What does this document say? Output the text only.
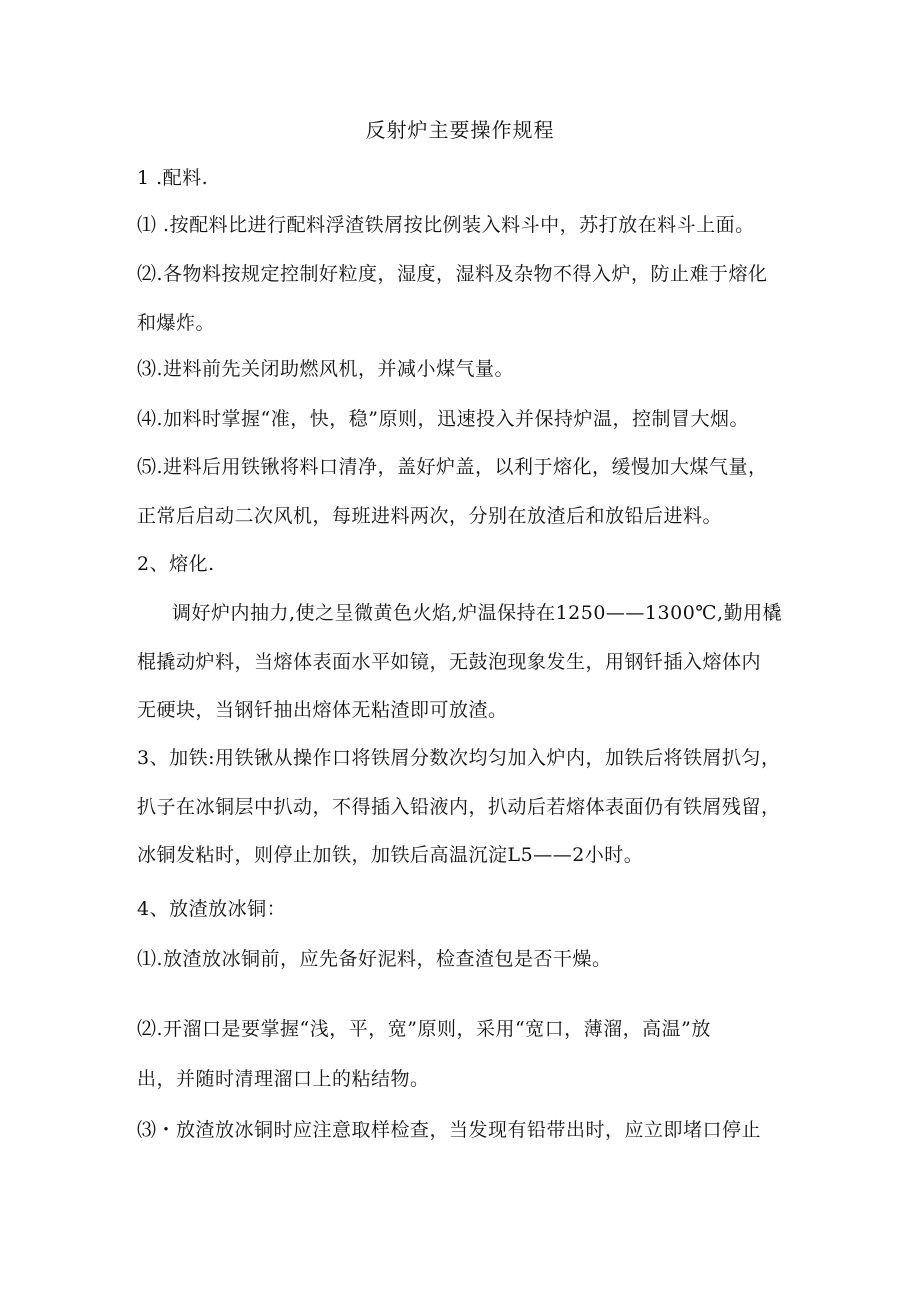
反射炉主要操作规程
1 .配料.
⑴ .按配料比进行配料浮渣铁屑按比例装入料斗中，苏打放在料斗上面。
⑵.各物料按规定控制好粒度，湿度，湿料及杂物不得入炉，防止难于熔化
和爆炸。
⑶.进料前先关闭助燃风机，并减小煤气量。
⑷.加料时掌握“准，快，稳”原则，迅速投入并保持炉温，控制冒大烟。
⑸.进料后用铁锹将料口清净，盖好炉盖，以利于熔化，缓慢加大煤气量，
正常后启动二次风机，每班进料两次，分别在放渣后和放铅后进料。
2、熔化.
调好炉内抽力,使之呈微黄色火焰,炉温保持在1250——1300℃,勤用橇
棍撬动炉料，当熔体表面水平如镜，无鼓泡现象发生，用钢钎插入熔体内
无硬块，当钢钎抽出熔体无粘渣即可放渣。
3、加铁:用铁锹从操作口将铁屑分数次均匀加入炉内，加铁后将铁屑扒匀，
扒子在冰铜层中扒动，不得插入铅液内，扒动后若熔体表面仍有铁屑残留，
冰铜发粘时，则停止加铁，加铁后高温沉淀L5——2小时。
4、放渣放冰铜：
⑴.放渣放冰铜前，应先备好泥料，检查渣包是否干燥。
⑵.开溜口是要掌握“浅，平，宽”原则，采用“宽口，薄溜，高温”放
出，并随时清理溜口上的粘结物。
⑶・放渣放冰铜时应注意取样检查，当发现有铅带出时，应立即堵口停止
